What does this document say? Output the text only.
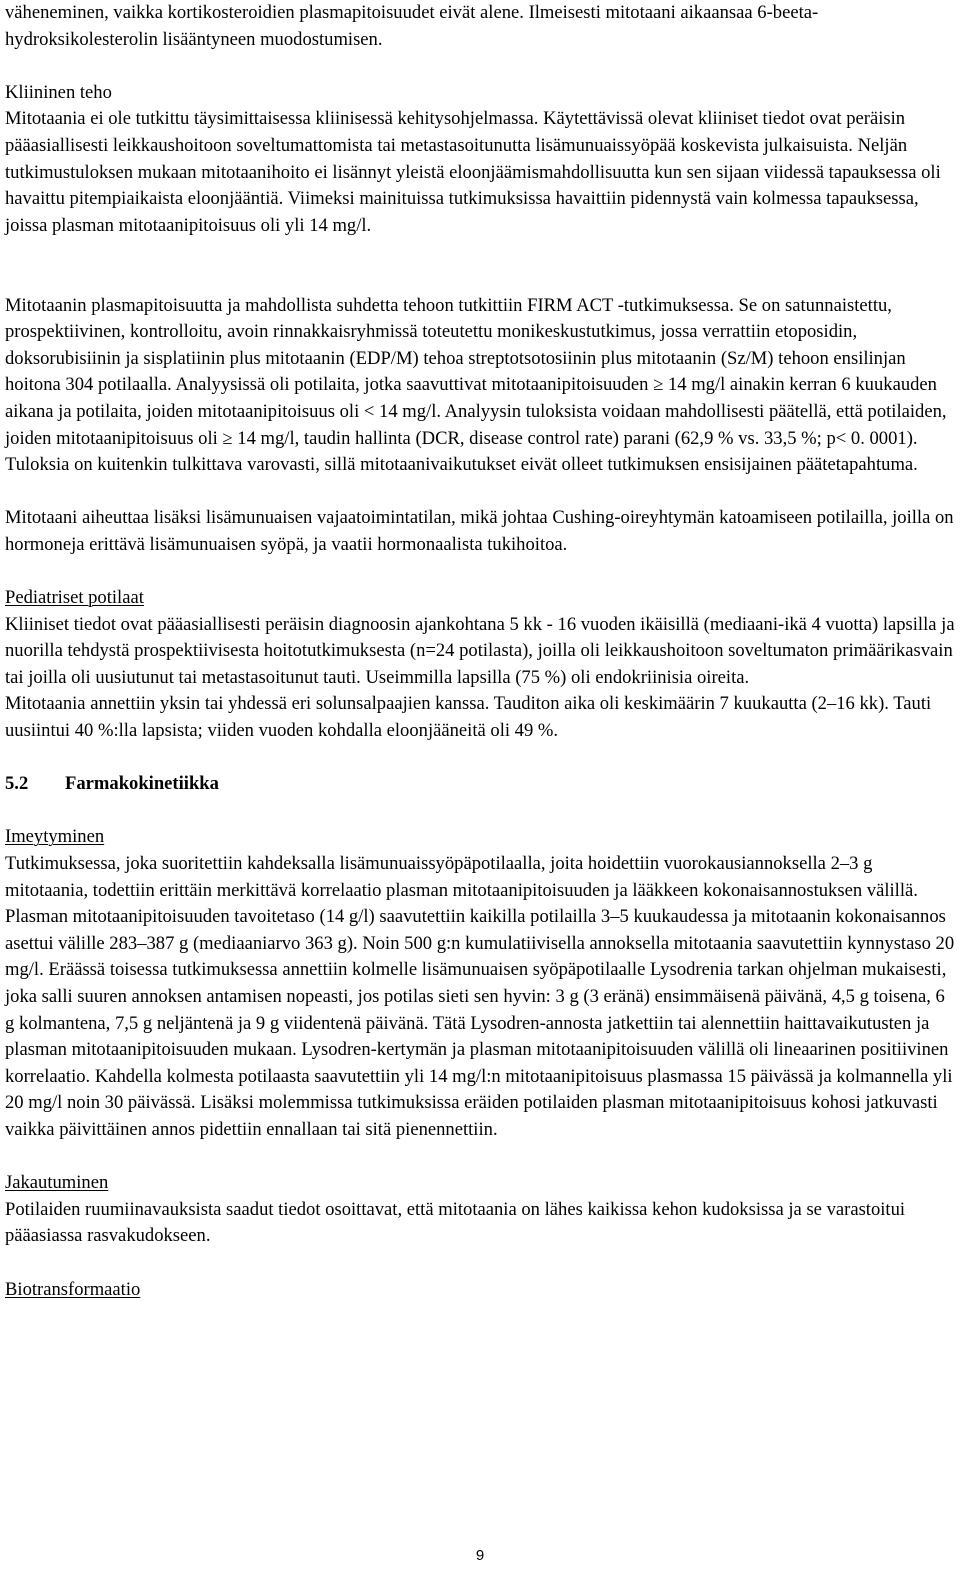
väheneminen, vaikka kortikosteroidien plasmapitoisuudet eivät alene. Ilmeisesti mitotaani aikaansaa 6-beeta-hydroksikolesterolin lisääntyneen muodostumisen.

Kliininen teho

Mitotaania ei ole tutkittu täysimittaisessa kliinisessä kehitysohjelmassa. Käytettävissä olevat kliiniset tiedot ovat peräisin pääasiallisesti leikkaushoitoon soveltumattomista tai metastasoitunutta lisämunuaissyöpää koskevista julkaisuista. Neljän tutkimustuloksen mukaan mitotaanihoito ei lisännyt yleistä eloonjäämismahdollisuutta kun sen sijaan viidessä tapauksessa oli havaittu pitempiaikaista eloonjääntiä. Viimeksi mainituissa tutkimuksissa havaittiin pidennystä vain kolmessa tapauksessa, joissa plasman mitotaanipitoisuus oli yli 14 mg/l.

Mitotaanin plasmapitoisuutta ja mahdollista suhdetta tehoon tutkittiin FIRM ACT -tutkimuksessa. Se on satunnaistettu, prospektiivinen, kontrolloitu, avoin rinnakkaisryhmissä toteutettu monikeskustutkimus, jossa verrattiin etoposidin, doksorubisiinin ja sisplatiinin plus mitotaanin (EDP/M) tehoa streptotsotosiinin plus mitotaanin (Sz/M) tehoon ensilinjan hoitona 304 potilaalla. Analyysissä oli potilaita, jotka saavuttivat mitotaanipitoisuuden ≥ 14 mg/l ainakin kerran 6 kuukauden aikana ja potilaita, joiden mitotaanipitoisuus oli < 14 mg/l. Analyysin tuloksista voidaan mahdollisesti päätellä, että potilaiden, joiden mitotaanipitoisuus oli ≥ 14 mg/l, taudin hallinta (DCR, disease control rate) parani (62,9 % vs. 33,5 %; p< 0. 0001). Tuloksia on kuitenkin tulkittava varovasti, sillä mitotaanivaikutukset eivät olleet tutkimuksen ensisijainen päätetapahtuma.

Mitotaani aiheuttaa lisäksi lisämunuaisen vajaatoimintatilan, mikä johtaa Cushing-oireyhtymän katoamiseen potilailla, joilla on hormoneja erittävä lisämunuaisen syöpä, ja vaatii hormonaalista tukihoitoa.

Pediatriset potilaat

Kliiniset tiedot ovat pääasiallisesti peräisin diagnoosin ajankohtana 5 kk - 16 vuoden ikäisillä (mediaani-ikä 4 vuotta) lapsilla ja nuorilla tehdystä prospektiivisesta hoitotutkimuksesta (n=24 potilasta), joilla oli leikkaushoitoon soveltumaton primäärikasvain tai joilla oli uusiutunut tai metastasoitunut tauti. Useimmilla lapsilla (75 %) oli endokriinisia oireita.

Mitotaania annettiin yksin tai yhdessä eri solunsalpaajien kanssa. Tauditon aika oli keskimäärin 7 kuukautta (2–16 kk). Tauti uusiintui 40 %:lla lapsista; viiden vuoden kohdalla eloonjääneitä oli 49 %.

5.2	Farmakokinetiikka

Imeytyminen

Tutkimuksessa, joka suoritettiin kahdeksalla lisämunuaissyöpäpotilaalla, joita hoidettiin vuorokausiannoksella 2–3 g mitotaania, todettiin erittäin merkittävä korrelaatio plasman mitotaanipitoisuuden ja lääkkeen kokonaisannostuksen välillä. Plasman mitotaanipitoisuuden tavoitetaso (14 g/l) saavutettiin kaikilla potilailla 3–5 kuukaudessa ja mitotaanin kokonaisannos asettui välille 283–387 g (mediaaniarvo 363 g). Noin 500 g:n kumulatiivisella annoksella mitotaania saavutettiin kynnystaso 20 mg/l. Eräässä toisessa tutkimuksessa annettiin kolmelle lisämunuaisen syöpäpotilaalle Lysodrenia tarkan ohjelman mukaisesti, joka salli suuren annoksen antamisen nopeasti, jos potilas sieti sen hyvin: 3 g (3 eränä) ensimmäisenä päivänä, 4,5 g toisena, 6 g kolmantena, 7,5 g neljäntenä ja 9 g viidentenä päivänä. Tätä Lysodren-annosta jatkettiin tai alennettiin haittavaikutusten ja plasman mitotaanipitoisuuden mukaan. Lysodren-kertymän ja plasman mitotaanipitoisuuden välillä oli lineaarinen positiivinen korrelaatio. Kahdella kolmesta potilaasta saavutettiin yli 14 mg/l:n mitotaanipitoisuus plasmassa 15 päivässä ja kolmannella yli 20 mg/l noin 30 päivässä. Lisäksi molemmissa tutkimuksissa eräiden potilaiden plasman mitotaanipitoisuus kohosi jatkuvasti vaikka päivittäinen annos pidettiin ennallaan tai sitä pienennettiin.

Jakautuminen

Potilaiden ruumiinavauksista saadut tiedot osoittavat, että mitotaania on lähes kaikissa kehon kudoksissa ja se varastoitui pääasiassa rasvakudokseen.

Biotransformaatio

9
